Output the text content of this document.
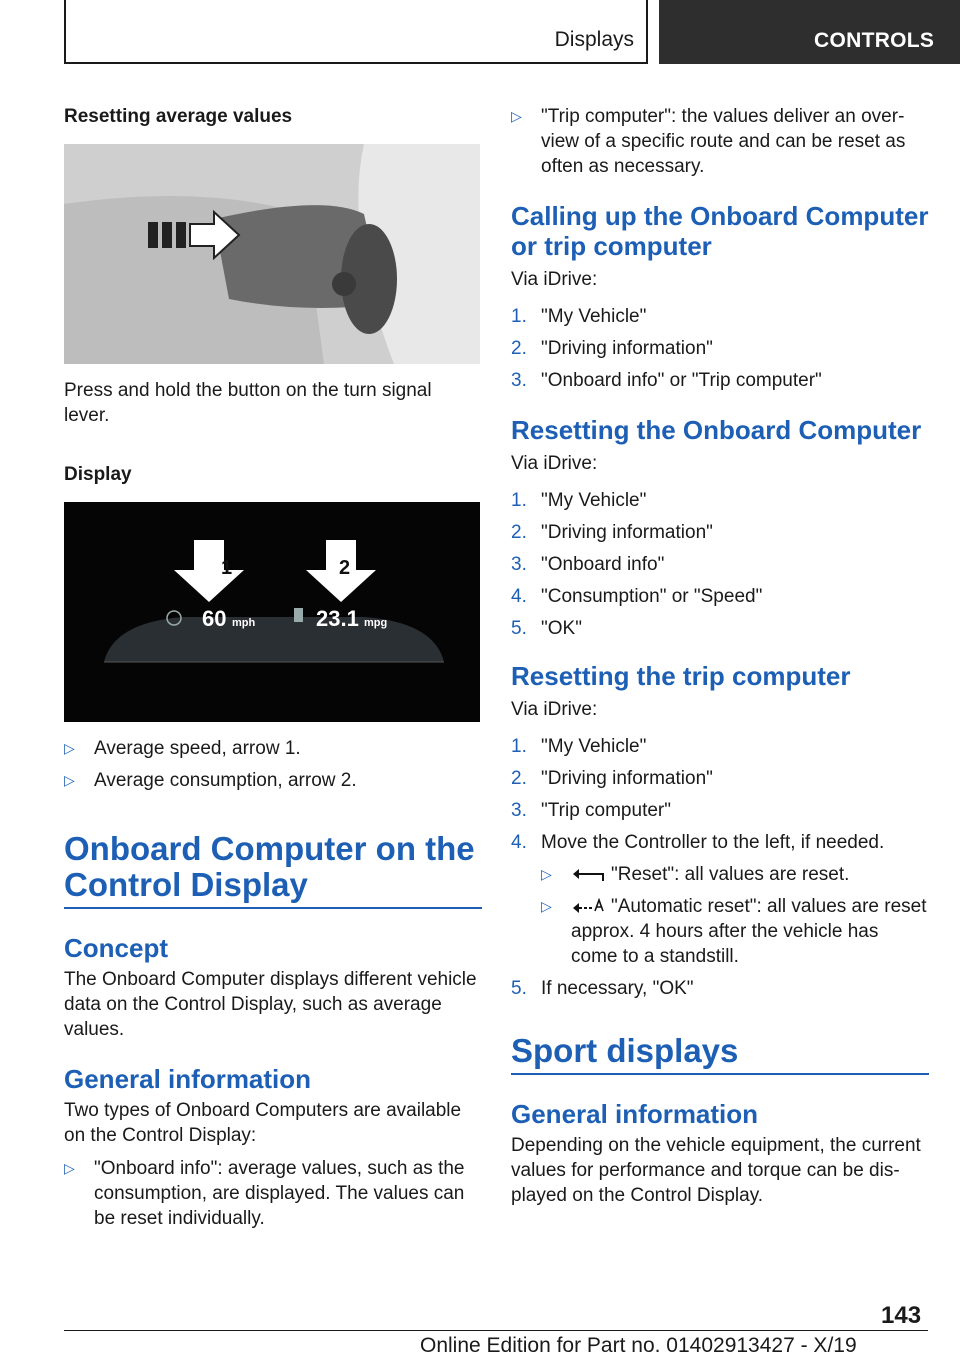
Displays	CONTROLS

Resetting average values

Press and hold the button on the turn signal lever.

Display

1	2
60 mph	23.1 mpg
▷ Average speed, arrow 1.
▷ Average consumption, arrow 2.

Onboard Computer on the Control Display

Concept

The Onboard Computer displays different vehicle data on the Control Display, such as average values.

General information

Two types of Onboard Computers are available on the Control Display:

▷ "Onboard info": average values, such as the consumption, are displayed. The values can be reset individually.
▷ "Trip computer": the values deliver an overview of a specific route and can be reset as often as necessary.

Calling up the Onboard Computer or trip computer

Via iDrive:

1. "My Vehicle"
2. "Driving information"
3. "Onboard info" or "Trip computer"

Resetting the Onboard Computer

Via iDrive:

1. "My Vehicle"
2. "Driving information"
3. "Onboard info"
4. "Consumption" or "Speed"
5. "OK"

Resetting the trip computer

Via iDrive:

1. "My Vehicle"
2. "Driving information"
3. "Trip computer"
4. Move the Controller to the left, if needed.
▷	"Reset": all values are reset.
▷	"Automatic reset": all values are reset approx. 4 hours after the vehicle has come to a standstill.
5. If necessary, "OK"

Sport displays

General information

Depending on the vehicle equipment, the current values for performance and torque can be displayed on the Control Display.

143
Online Edition for Part no. 01402913427 - X/19
